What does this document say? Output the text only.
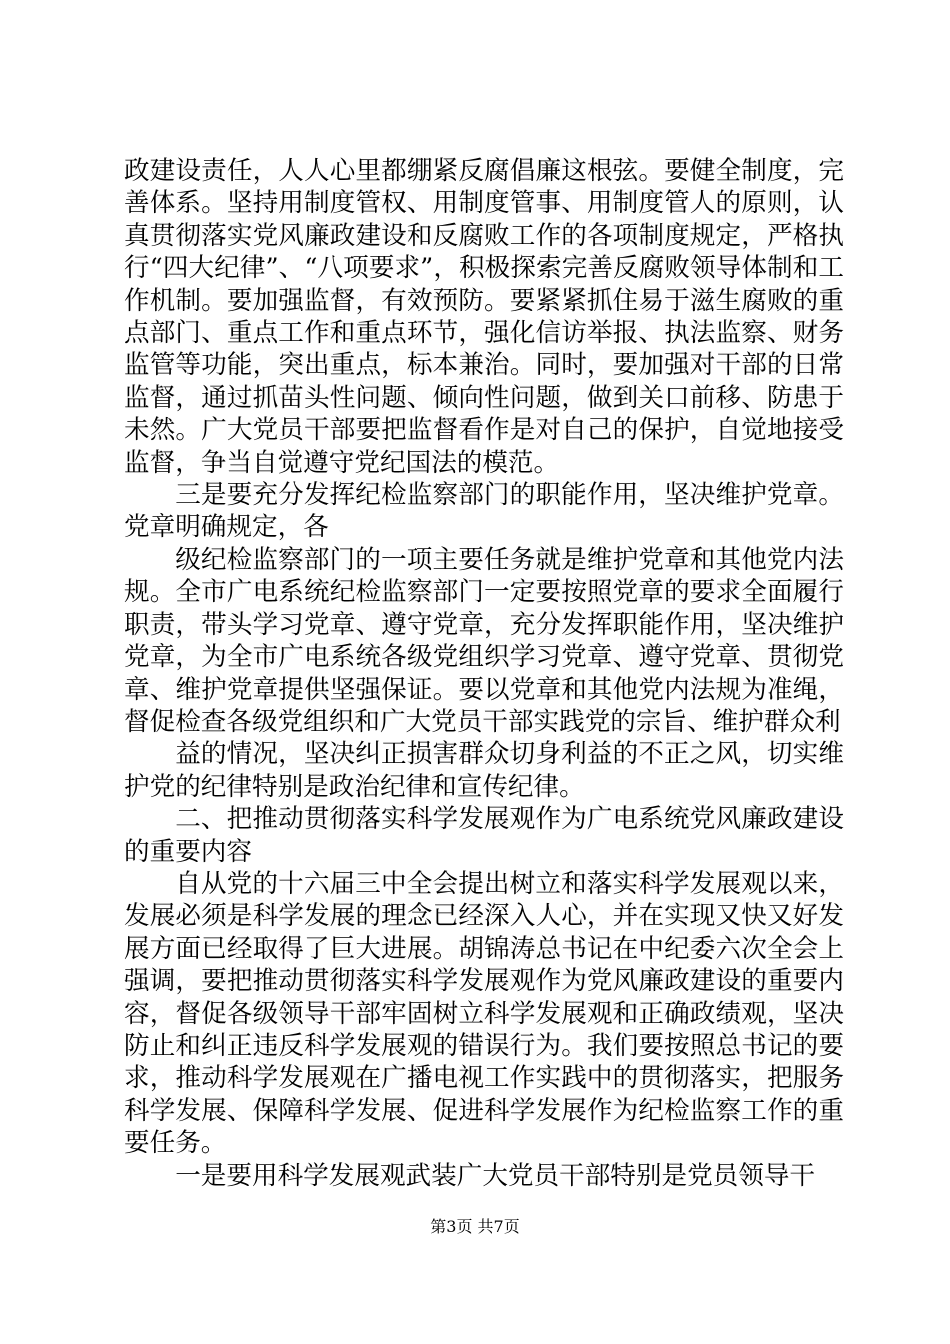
政建设责任，人人心里都绷紧反腐倡廉这根弦。要健全制度，完善体系。坚持用制度管权、用制度管事、用制度管人的原则，认真贯彻落实党风廉政建设和反腐败工作的各项制度规定，严格执行“四大纪律”、“八项要求”，积极探索完善反腐败领导体制和工作机制。要加强监督，有效预防。要紧紧抓住易于滋生腐败的重点部门、重点工作和重点环节，强化信访举报、执法监察、财务监管等功能，突出重点，标本兼治。同时，要加强对干部的日常监督，通过抓苗头性问题、倾向性问题，做到关口前移、防患于未然。广大党员干部要把监督看作是对自己的保护，自觉地接受监督，争当自觉遵守党纪国法的模范。

三是要充分发挥纪检监察部门的职能作用，坚决维护党章。党章明确规定，各

级纪检监察部门的一项主要任务就是维护党章和其他党内法规。全市广电系统纪检监察部门一定要按照党章的要求全面履行职责，带头学习党章、遵守党章，充分发挥职能作用，坚决维护党章，为全市广电系统各级党组织学习党章、遵守党章、贯彻党章、维护党章提供坚强保证。要以党章和其他党内法规为准绳，督促检查各级党组织和广大党员干部实践党的宗旨、维护群众利

益的情况，坚决纠正损害群众切身利益的不正之风，切实维护党的纪律特别是政治纪律和宣传纪律。

二、把推动贯彻落实科学发展观作为广电系统党风廉政建设的重要内容

自从党的十六届三中全会提出树立和落实科学发展观以来，发展必须是科学发展的理念已经深入人心，并在实现又快又好发展方面已经取得了巨大进展。胡锦涛总书记在中纪委六次全会上强调，要把推动贯彻落实科学发展观作为党风廉政建设的重要内容，督促各级领导干部牢固树立科学发展观和正确政绩观，坚决防止和纠正违反科学发展观的错误行为。我们要按照总书记的要求，推动科学发展观在广播电视工作实践中的贯彻落实，把服务科学发展、保障科学发展、促进科学发展作为纪检监察工作的重要任务。

一是要用科学发展观武装广大党员干部特别是党员领导干

第3页 共7页
